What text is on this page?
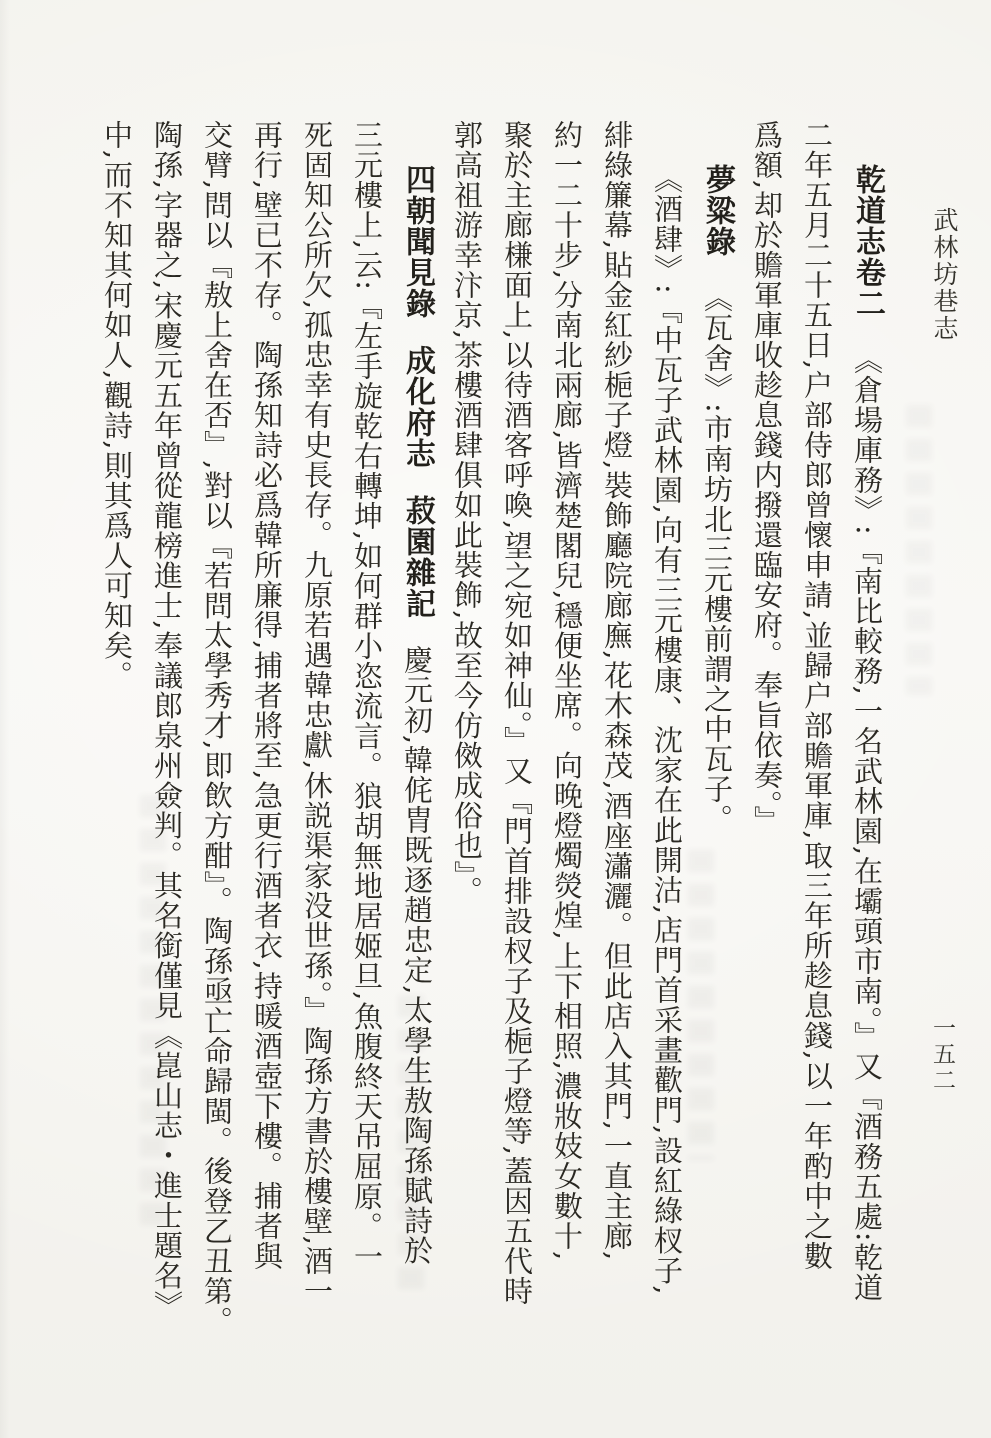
武林坊巷志
一五二
乾道志卷二《倉場庫務》:『南比較務,一名武林園,在壩頭市南。』又『酒務五處:乾道
二年五月二十五日,户部侍郎曾懷申請,並歸户部贍軍庫,取三年所趁息錢,以一年酌中之數
爲額,却於贍軍庫收趁息錢内撥還臨安府。奉旨依奏。』
夢粱錄《瓦舍》:市南坊北三元樓前謂之中瓦子。
《酒肆》:『中瓦子武林園,向有三元樓康、沈家在此開沽,店門首采畫歡門,設紅綠杈子,
緋綠簾幕,貼金紅紗梔子燈,裝飾廳院廊廡,花木森茂,酒座瀟灑。但此店入其門,一直主廊,
約一二十步,分南北兩廊,皆濟楚閣兒,穩便坐席。向晚燈燭熒煌,上下相照,濃妝妓女數十,
聚於主廊槏面上,以待酒客呼喚,望之宛如神仙。』又『門首排設杈子及梔子燈等,蓋因五代時
郭高祖游幸汴京,茶樓酒肆俱如此裝飾,故至今仿傚成俗也』。
四朝聞見錄成化府志菽園雜記慶元初,韓侂胄既逐趙忠定,太學生敖陶孫賦詩於
三元樓上,云:『左手旋乾右轉坤,如何群小恣流言。狼胡無地居姬旦,魚腹終天吊屈原。一
死固知公所欠,孤忠幸有史長存。九原若遇韓忠獻,休説渠家没世孫。』陶孫方書於樓壁,酒一
再行,壁已不存。陶孫知詩必爲韓所廉得,捕者將至,急更行酒者衣,持暖酒壺下樓。捕者與
交臂,問以『敖上舍在否』,對以『若問太學秀才,即飲方酣』。陶孫亟亡命歸閩。後登乙丑第。
陶孫,字器之,宋慶元五年曾從龍榜進士,奉議郎泉州僉判。其名銜僅見《崑山志・進士題名》
中,而不知其何如人,觀詩,則其爲人可知矣。
